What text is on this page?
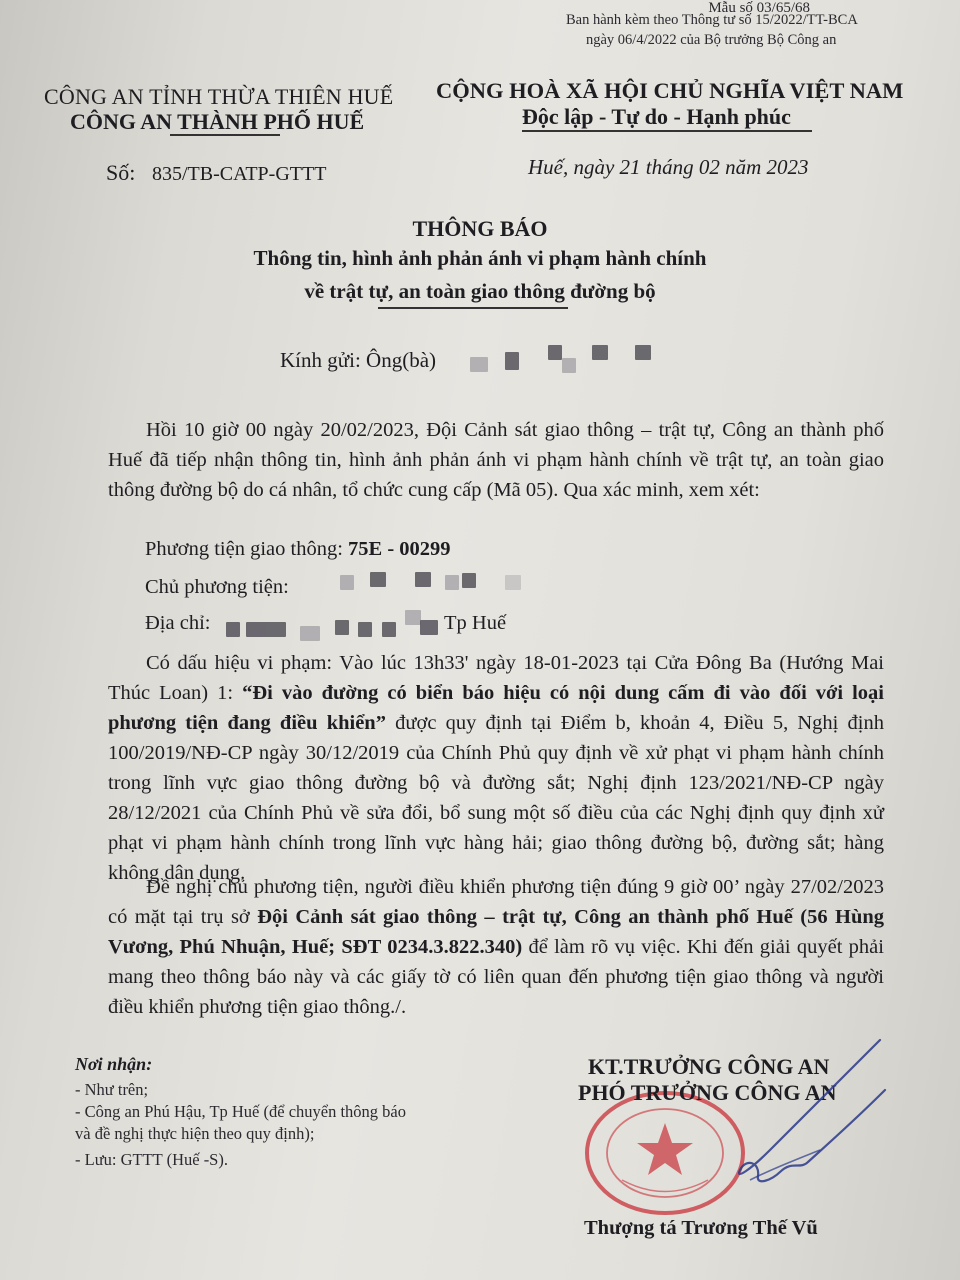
Mẫu số 03/65/68
Ban hành kèm theo Thông tư số 15/2022/TT-BCA
ngày 06/4/2022 của Bộ trưởng Bộ Công an
CÔNG AN TỈNH THỪA THIÊN HUẾ
CÔNG AN THÀNH PHỐ HUẾ
CỘNG HOÀ XÃ HỘI CHỦ NGHĨA VIỆT NAM
Độc lập - Tự do - Hạnh phúc
Số: 835/TB-CATP-GTTT	Huế, ngày 21 tháng 02 năm 2023
THÔNG BÁO
Thông tin, hình ảnh phản ánh vi phạm hành chính
về trật tự, an toàn giao thông đường bộ
Kính gửi: Ông(bà)
Hồi 10 giờ 00 ngày 20/02/2023, Đội Cảnh sát giao thông – trật tự, Công an thành phố Huế đã tiếp nhận thông tin, hình ảnh phản ánh vi phạm hành chính về trật tự, an toàn giao thông đường bộ do cá nhân, tổ chức cung cấp (Mã 05). Qua xác minh, xem xét:
Phương tiện giao thông: 75E - 00299
Chủ phương tiện:
Địa chỉ:	Tp Huế
Có dấu hiệu vi phạm: Vào lúc 13h33' ngày 18-01-2023 tại Cửa Đông Ba (Hướng Mai Thúc Loan) 1: “Đi vào đường có biển báo hiệu có nội dung cấm đi vào đối với loại phương tiện đang điều khiển” được quy định tại Điểm b, khoản 4, Điều 5, Nghị định 100/2019/NĐ-CP ngày 30/12/2019 của Chính Phủ quy định về xử phạt vi phạm hành chính trong lĩnh vực giao thông đường bộ và đường sắt; Nghị định 123/2021/NĐ-CP ngày 28/12/2021 của Chính Phủ về sửa đổi, bổ sung một số điều của các Nghị định quy định xử phạt vi phạm hành chính trong lĩnh vực hàng hải; giao thông đường bộ, đường sắt; hàng không dân dụng.
Đề nghị chủ phương tiện, người điều khiển phương tiện đúng 9 giờ 00’ ngày 27/02/2023 có mặt tại trụ sở Đội Cảnh sát giao thông – trật tự, Công an thành phố Huế (56 Hùng Vương, Phú Nhuận, Huế; SĐT 0234.3.822.340) để làm rõ vụ việc. Khi đến giải quyết phải mang theo thông báo này và các giấy tờ có liên quan đến phương tiện giao thông và người điều khiển phương tiện giao thông./.
Nơi nhận:
- Như trên;
- Công an Phú Hậu, Tp Huế (để chuyển thông báo
và đề nghị thực hiện theo quy định);
- Lưu: GTTT (Huế -S).
KT.TRƯỞNG CÔNG AN
PHÓ TRƯỞNG CÔNG AN
Thượng tá Trương Thế Vũ
